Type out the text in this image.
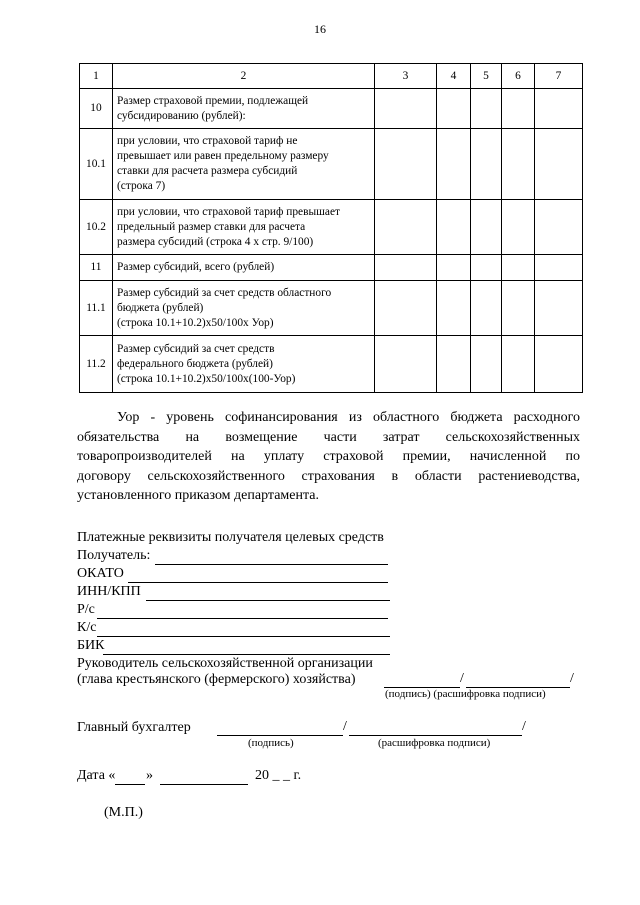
16
1	2	3	4	5	6	7
10	Размер страховой премии, подлежащей
субсидированию (рублей):					
10.1	при условии, что страховой тариф не
превышает или равен предельному размеру
ставки для расчета размера субсидий
(строка 7)					
10.2	при условии, что страховой тариф превышает
предельный размер ставки для расчета
размера субсидий (строка 4 х стр. 9/100)					
11	Размер субсидий, всего (рублей)					
11.1	Размер субсидий за счет средств областного
бюджета (рублей)
(строка 10.1+10.2)х50/100х Уор)					
11.2	Размер субсидий за счет средств
федерального бюджета (рублей)
(строка 10.1+10.2)х50/100х(100-Уор)					
Уор - уровень софинансирования из областного бюджета расходного
обязательства на возмещение части затрат сельскохозяйственных
товаропроизводителей на уплату страховой премии, начисленной по
договору сельскохозяйственного страхования в области растениеводства,
установленного приказом департамента.
Платежные реквизиты получателя целевых средств
Получатель:
ОКАТО
ИНН/КПП
Р/с
К/с
БИК
Руководитель сельскохозяйственной организации
(глава крестьянского (фермерского) хозяйства)	/	/
(подпись) (расшифровка подписи)
Главный бухгалтер	/	/
(подпись)	(расшифровка подписи)
Дата « »	20 _ _ г.
(М.П.)
